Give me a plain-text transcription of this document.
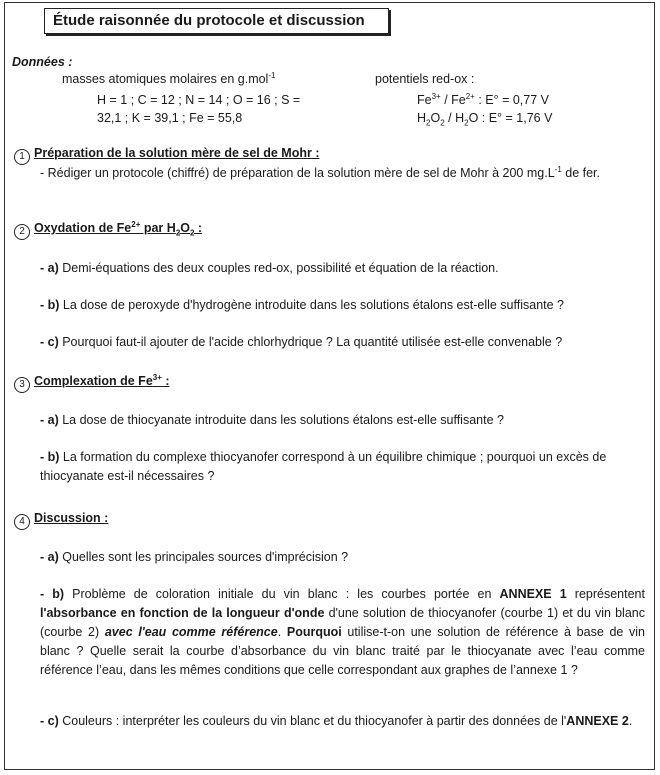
Étude raisonnée du protocole et discussion
Données :
masses atomiques molaires en g.mol$^{-1}$
H = 1 ; C = 12 ; N = 14 ; O = 16 ; S =
32,1 ; K = 39,1 ; Fe = 55,8
potentiels red-ox :
$Fe^{3+} / Fe^{2+}$ : E° = 0,77 V
$H_2O_2 / H_2O$ : E° = 1,76 V
1 Préparation de la solution mère de sel de Mohr :
- Rédiger un protocole (chiffré) de préparation de la solution mère de sel de Mohr à 200 $mg.L^{-1}$ de fer.
2 Oxydation de $Fe^{2+}$ par $H_2O_2$ :
- a) Demi-équations des deux couples red-ox, possibilité et équation de la réaction.
- b) La dose de peroxyde d'hydrogène introduite dans les solutions étalons est-elle suffisante ?
- c) Pourquoi faut-il ajouter de l'acide chlorhydrique ? La quantité utilisée est-elle convenable ?
3 Complexation de $Fe^{3+}$ :
- a) La dose de thiocyanate introduite dans les solutions étalons est-elle suffisante ?
- b) La formation du complexe thiocyanofer correspond à un équilibre chimique ; pourquoi un excès de thiocyanate est-il nécessaires ?
4 Discussion :
- a) Quelles sont les principales sources d'imprécision ?
- b) Problème de coloration initiale du vin blanc : les courbes portée en ANNEXE 1 représentent l'absorbance en fonction de la longueur d'onde d'une solution de thiocyanofer (courbe 1) et du vin blanc (courbe 2) avec l'eau comme référence. Pourquoi utilise-t-on une solution de référence à base de vin blanc ? Quelle serait la courbe d’absorbance du vin blanc traité par le thiocyanate avec l’eau comme référence l’eau, dans les mêmes conditions que celle correspondant aux graphes de l’annexe 1 ?
- c) Couleurs : interpréter les couleurs du vin blanc et du thiocyanofer à partir des données de l'ANNEXE 2.
